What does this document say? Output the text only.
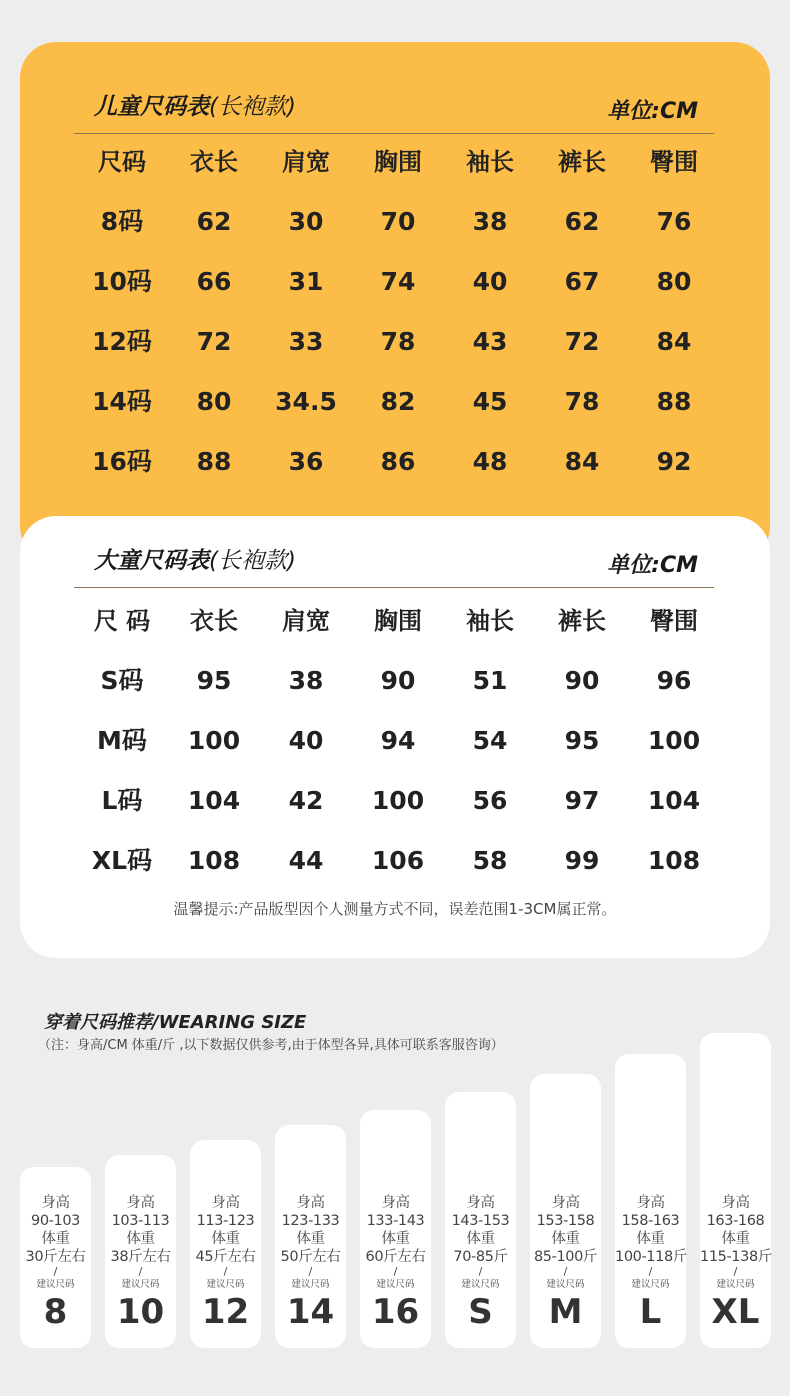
儿童尺码表(长袍款)	单位:CM
尺码	衣长	肩宽	胸围	袖长	裤长	臀围
8码	62	30	70	38	62	76
10码	66	31	74	40	67	80
12码	72	33	78	43	72	84
14码	80	34.5	82	45	78	88
16码	88	36	86	48	84	92
大童尺码表(长袍款)	单位:CM
尺 码	衣长	肩宽	胸围	袖长	裤长	臀围
S码	95	38	90	51	90	96
M码	100	40	94	54	95	100
L码	104	42	100	56	97	104
XL码	108	44	106	58	99	108
温馨提示:产品版型因个人测量方式不同，误差范围1-3CM属正常。
穿着尺码推荐/WEARING SIZE
（注：身高/CM 体重/斤 ,以下数据仅供参考,由于体型各异,具体可联系客服咨询）
身高
90-103
体重
30斤左右
/
建议尺码
8
身高
103-113
体重
38斤左右
/
建议尺码
10
身高
113-123
体重
45斤左右
/
建议尺码
12
身高
123-133
体重
50斤左右
/
建议尺码
14
身高
133-143
体重
60斤左右
/
建议尺码
16
身高
143-153
体重
70-85斤
/
建议尺码
S
身高
153-158
体重
85-100斤
/
建议尺码
M
身高
158-163
体重
100-118斤
/
建议尺码
L
身高
163-168
体重
115-138斤
/
建议尺码
XL
